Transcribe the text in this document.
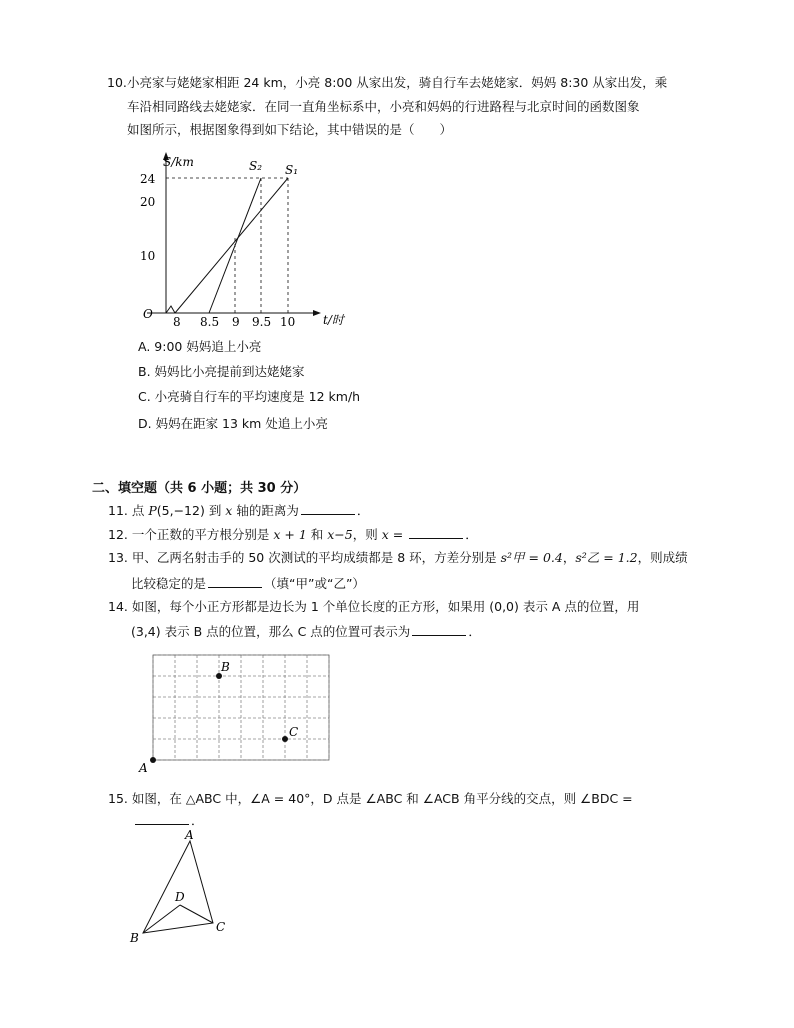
10. 小亮家与姥姥家相距 24 km，小亮 8:00 从家出发，骑自行车去姥姥家．妈妈 8:30 从家出发，乘
车沿相同路线去姥姥家．在同一直角坐标系中，小亮和妈妈的行进路程与北京时间的函数图象
如图所示，根据图象得到如下结论，其中错误的是（　　）
S/km
t/时
O
24
20
10
8 8.5 9 9.5 10
S₂ S₁
A. 9:00 妈妈追上小亮
B. 妈妈比小亮提前到达姥姥家
C. 小亮骑自行车的平均速度是 12 km/h
D. 妈妈在距家 13 km 处追上小亮
二、填空题（共 6 小题；共 30 分）
11. 点 P(5,−12) 到 x 轴的距离为	．
12. 一个正数的平方根分别是 x + 1 和 x−5，则 x =	．
13. 甲、乙两名射击手的 50 次测试的平均成绩都是 8 环，方差分别是 s²甲 = 0.4，s²乙 = 1.2，则成绩
比较稳定的是	（填“甲”或“乙”）
14. 如图，每个小正方形都是边长为 1 个单位长度的正方形，如果用 (0,0) 表示 A 点的位置，用
(3,4) 表示 B 点的位置，那么 C 点的位置可表示为	．
A
B
C
15. 如图，在 △ABC 中，∠A = 40°，D 点是 ∠ABC 和 ∠ACB 角平分线的交点，则 ∠BDC =
．
A
B
C
D
